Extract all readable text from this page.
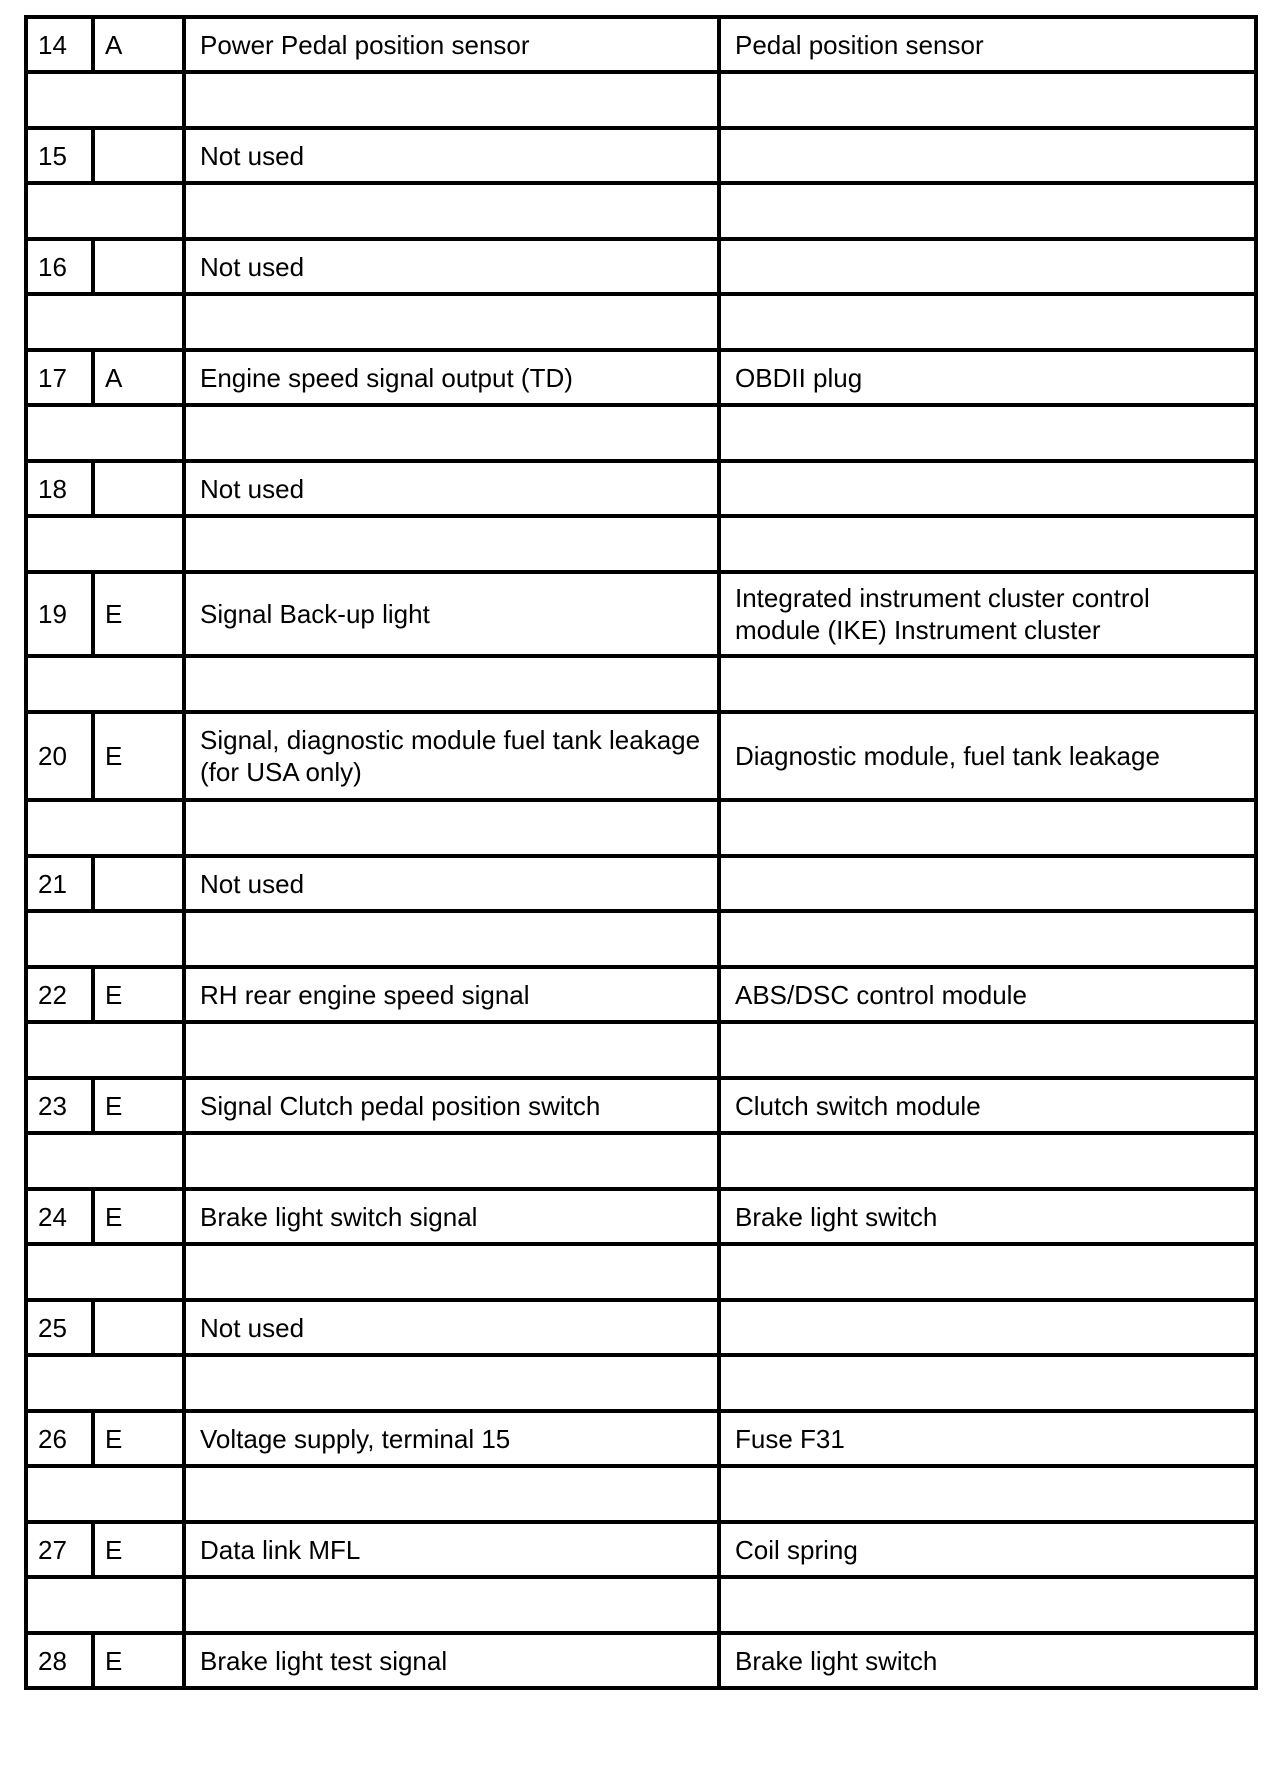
14	A	Power Pedal position sensor	Pedal position sensor

15		Not used	

16		Not used	

17	A	Engine speed signal output (TD)	OBDII plug

18		Not used	

19	E	Signal Back-up light	Integrated instrument cluster control module (IKE) Instrument cluster

20	E	Signal, diagnostic module fuel tank leakage (for USA only)	Diagnostic module, fuel tank leakage

21		Not used	

22	E	RH rear engine speed signal	ABS/DSC control module

23	E	Signal Clutch pedal position switch	Clutch switch module

24	E	Brake light switch signal	Brake light switch

25		Not used	

26	E	Voltage supply, terminal 15	Fuse F31

27	E	Data link MFL	Coil spring

28	E	Brake light test signal	Brake light switch
